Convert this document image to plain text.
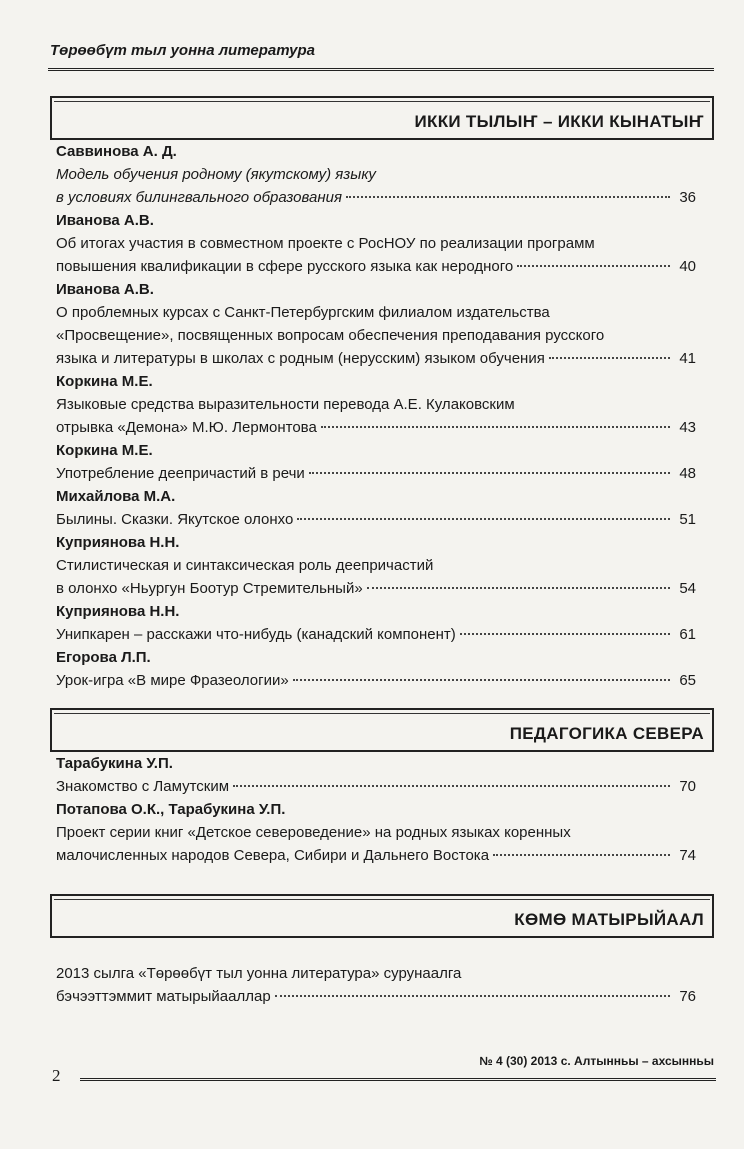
Төрөөбүт тыл уонна литература
ИККИ ТЫЛЫҤ – ИККИ КЫНАТЫҤ
Саввинова А. Д.
Модель обучения родному (якутскому) языку
в условиях билингвального образования	36
Иванова А.В.
Об итогах участия в совместном проекте с РосНОУ по реализации программ
повышения квалификации в сфере русского языка как неродного	40
Иванова А.В.
О проблемных курсах с Санкт-Петербургским филиалом издательства
«Просвещение», посвященных вопросам обеспечения преподавания русского
языка и литературы в школах с родным (нерусским) языком обучения	41
Коркина М.Е.
Языковые средства выразительности перевода А.Е. Кулаковским
отрывка «Демона» М.Ю. Лермонтова	43
Коркина М.Е.
Употребление деепричастий в речи	48
Михайлова М.А.
Былины. Сказки. Якутское олонхо	51
Куприянова Н.Н.
Стилистическая и синтаксическая роль деепричастий
в олонхо «Ньургун Боотур Стремительный»	54
Куприянова Н.Н.
Унипкарен – расскажи что-нибудь (канадский компонент)	61
Егорова Л.П.
Урок-игра «В мире Фразеологии»	65
ПЕДАГОГИКА СЕВЕРА
Тарабукина У.П.
Знакомство с Ламутским	70
Потапова О.К., Тарабукина У.П.
Проект серии книг «Детское североведение» на родных языках коренных
малочисленных народов Севера, Сибири и Дальнего Востока	74
КӨМӨ МАТЫРЫЙААЛ
2013 сылга «Төрөөбүт тыл уонна литература» сурунаалга
бэчээттэммит матырыйааллар	76
№ 4 (30) 2013 с. Алтынньы – ахсынньы
2
